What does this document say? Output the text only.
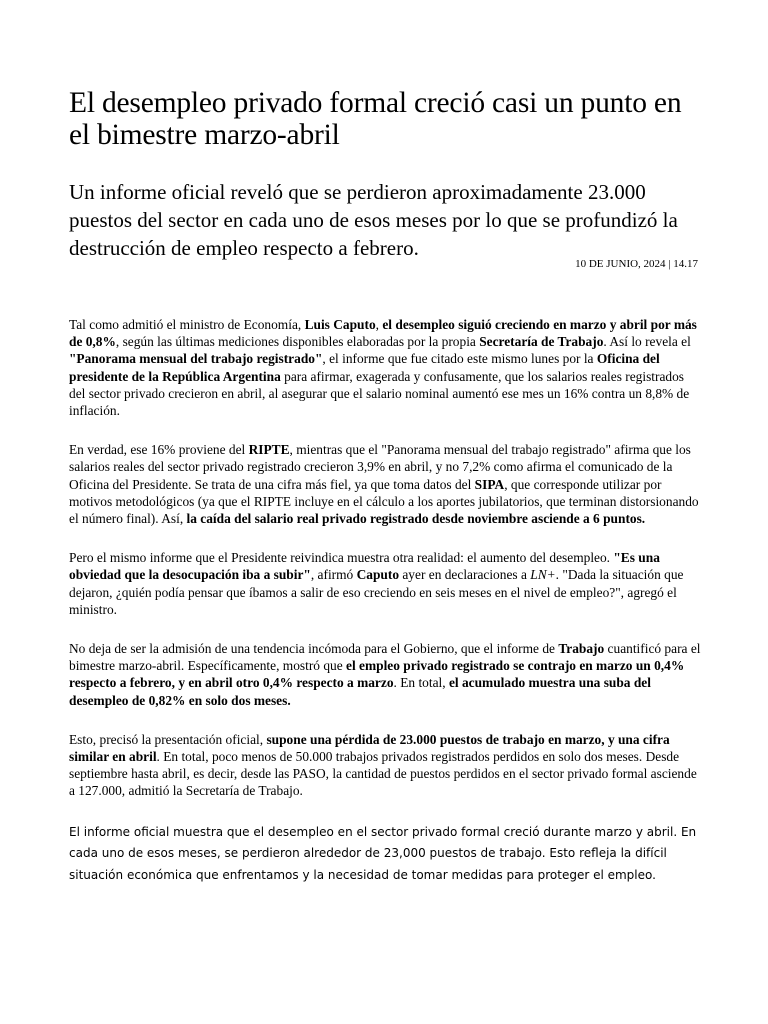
El desempleo privado formal creció casi un punto en el bimestre marzo-abril
Un informe oficial reveló que se perdieron aproximadamente 23.000 puestos del sector en cada uno de esos meses por lo que se profundizó la destrucción de empleo respecto a febrero.
10 DE JUNIO, 2024 | 14.17

Tal como admitió el ministro de Economía, Luis Caputo, el desempleo siguió creciendo en marzo y abril por más de 0,8%, según las últimas mediciones disponibles elaboradas por la propia Secretaría de Trabajo. Así lo revela el "Panorama mensual del trabajo registrado", el informe que fue citado este mismo lunes por la Oficina del presidente de la República Argentina para afirmar, exagerada y confusamente, que los salarios reales registrados del sector privado crecieron en abril, al asegurar que el salario nominal aumentó ese mes un 16% contra un 8,8% de inflación.

En verdad, ese 16% proviene del RIPTE, mientras que el "Panorama mensual del trabajo registrado" afirma que los salarios reales del sector privado registrado crecieron 3,9% en abril, y no 7,2% como afirma el comunicado de la Oficina del Presidente. Se trata de una cifra más fiel, ya que toma datos del SIPA, que corresponde utilizar por motivos metodológicos (ya que el RIPTE incluye en el cálculo a los aportes jubilatorios, que terminan distorsionando el número final). Así, la caída del salario real privado registrado desde noviembre asciende a 6 puntos.

Pero el mismo informe que el Presidente reivindica muestra otra realidad: el aumento del desempleo. "Es una obviedad que la desocupación iba a subir", afirmó Caputo ayer en declaraciones a LN+. "Dada la situación que dejaron, ¿quién podía pensar que íbamos a salir de eso creciendo en seis meses en el nivel de empleo?", agregó el ministro.

No deja de ser la admisión de una tendencia incómoda para el Gobierno, que el informe de Trabajo cuantificó para el bimestre marzo-abril. Específicamente, mostró que el empleo privado registrado se contrajo en marzo un 0,4% respecto a febrero, y en abril otro 0,4% respecto a marzo. En total, el acumulado muestra una suba del desempleo de 0,82% en solo dos meses.

Esto, precisó la presentación oficial, supone una pérdida de 23.000 puestos de trabajo en marzo, y una cifra similar en abril. En total, poco menos de 50.000 trabajos privados registrados perdidos en solo dos meses. Desde septiembre hasta abril, es decir, desde las PASO, la cantidad de puestos perdidos en el sector privado formal asciende a 127.000, admitió la Secretaría de Trabajo.

El informe oficial muestra que el desempleo en el sector privado formal creció durante marzo y abril. En cada uno de esos meses, se perdieron alrededor de 23,000 puestos de trabajo. Esto refleja la difícil situación económica que enfrentamos y la necesidad de tomar medidas para proteger el empleo.
